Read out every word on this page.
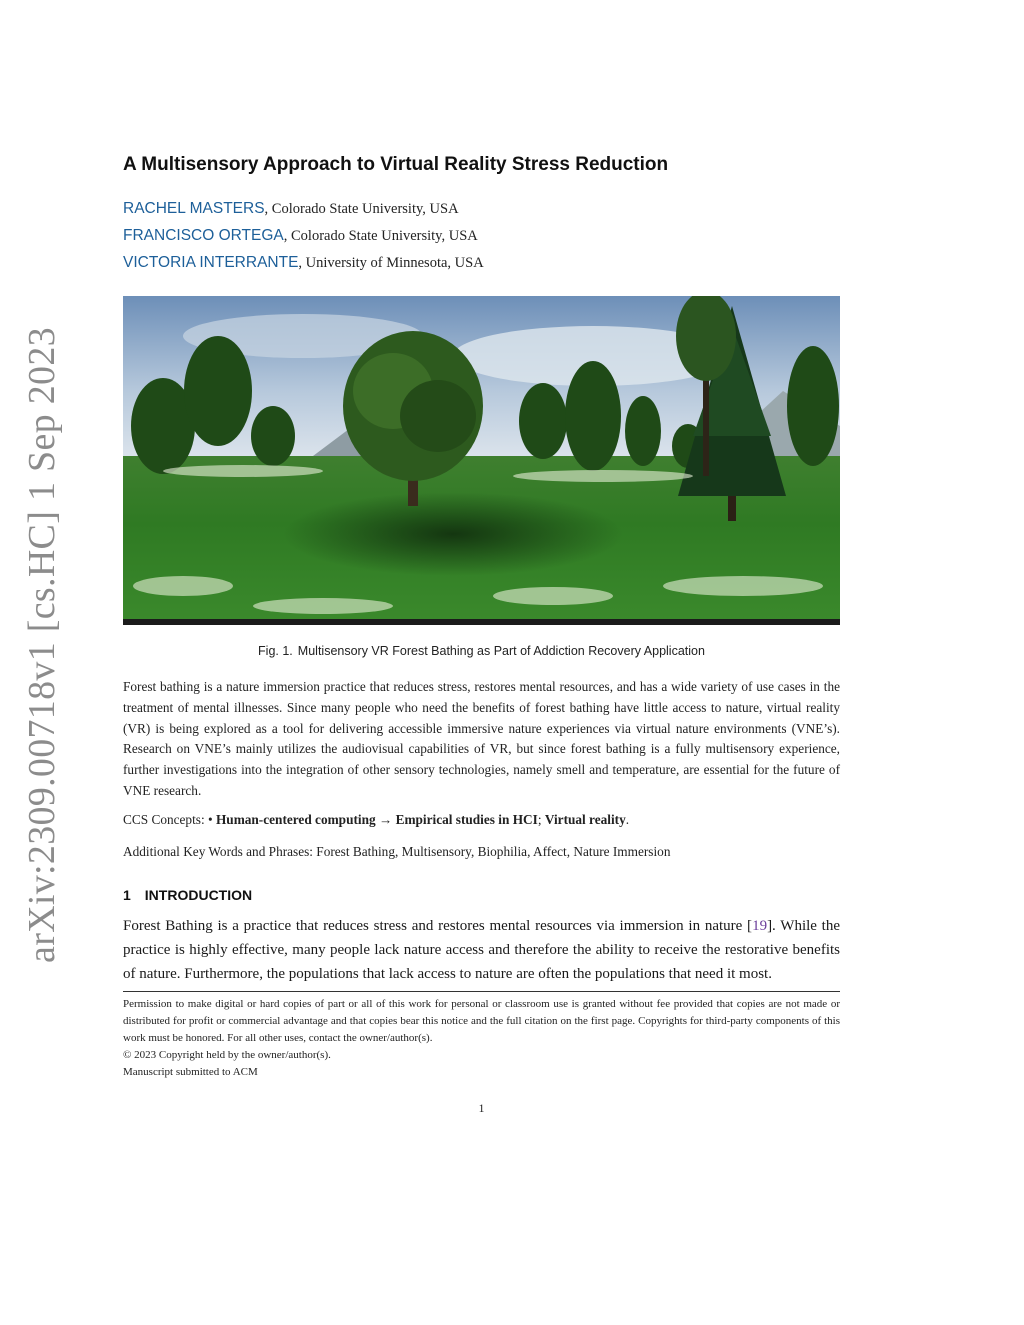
arXiv:2309.00718v1 [cs.HC] 1 Sep 2023
A Multisensory Approach to Virtual Reality Stress Reduction
RACHEL MASTERS, Colorado State University, USA
FRANCISCO ORTEGA, Colorado State University, USA
VICTORIA INTERRANTE, University of Minnesota, USA
Fig. 1. Multisensory VR Forest Bathing as Part of Addiction Recovery Application
Forest bathing is a nature immersion practice that reduces stress, restores mental resources, and has a wide variety of use cases in the treatment of mental illnesses. Since many people who need the benefits of forest bathing have little access to nature, virtual reality (VR) is being explored as a tool for delivering accessible immersive nature experiences via virtual nature environments (VNE’s). Research on VNE’s mainly utilizes the audiovisual capabilities of VR, but since forest bathing is a fully multisensory experience, further investigations into the integration of other sensory technologies, namely smell and temperature, are essential for the future of VNE research.
CCS Concepts: • Human-centered computing → Empirical studies in HCI; Virtual reality.
Additional Key Words and Phrases: Forest Bathing, Multisensory, Biophilia, Affect, Nature Immersion
1 INTRODUCTION
Forest Bathing is a practice that reduces stress and restores mental resources via immersion in nature [19]. While the practice is highly effective, many people lack nature access and therefore the ability to receive the restorative benefits of nature. Furthermore, the populations that lack access to nature are often the populations that need it most.
Permission to make digital or hard copies of part or all of this work for personal or classroom use is granted without fee provided that copies are not made or distributed for profit or commercial advantage and that copies bear this notice and the full citation on the first page. Copyrights for third-party components of this work must be honored. For all other uses, contact the owner/author(s).
© 2023 Copyright held by the owner/author(s).
Manuscript submitted to ACM
1
